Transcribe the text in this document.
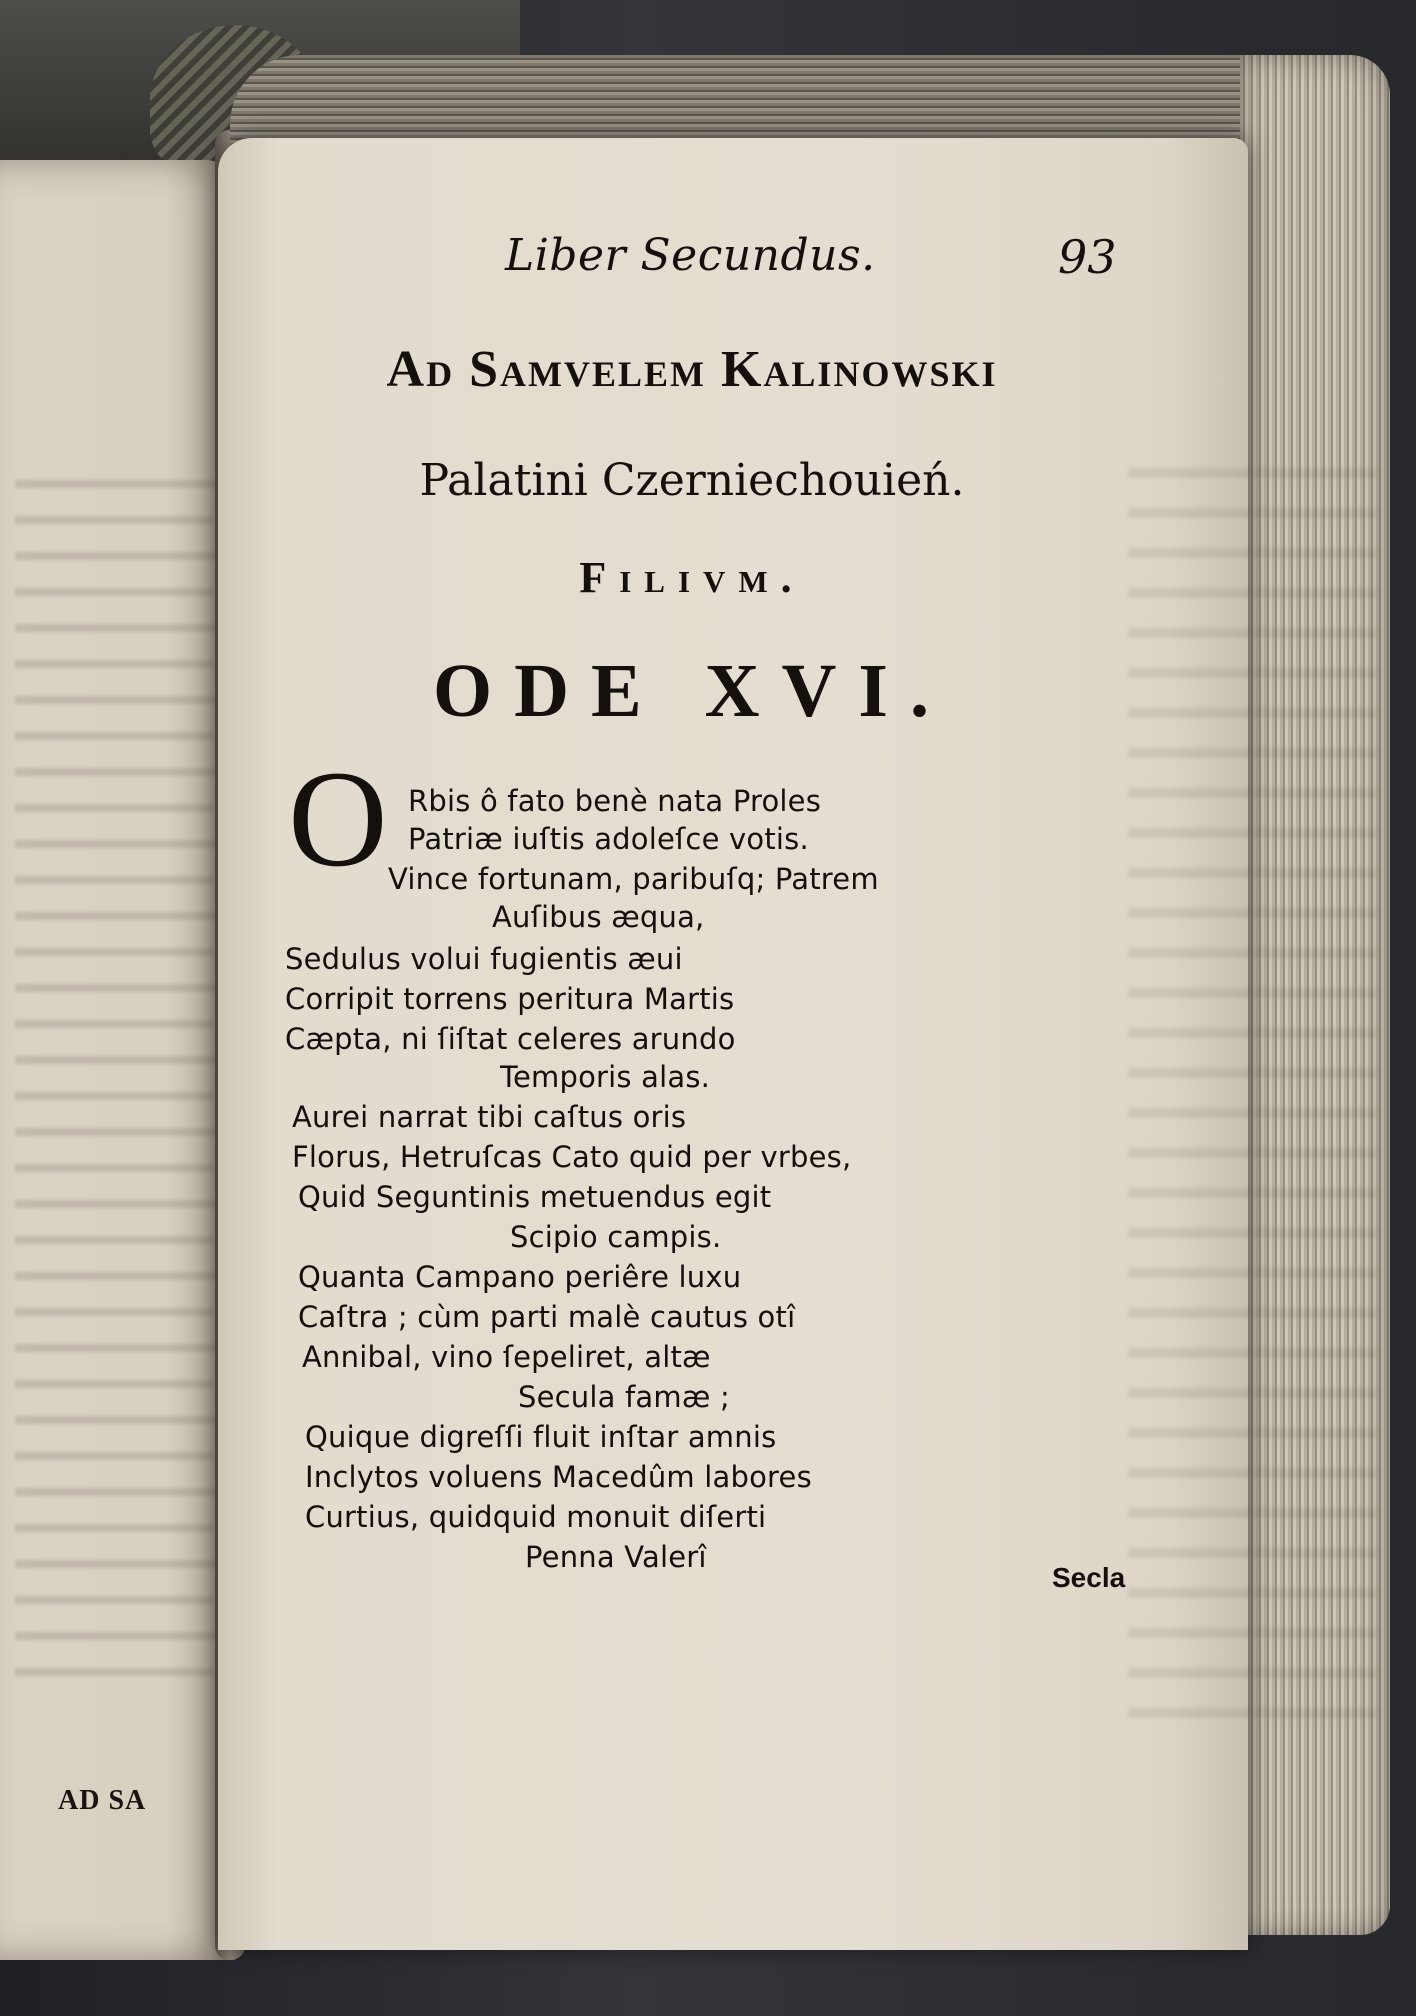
AD SA
Liber Secundus.	93
Ad Samvelem Kalinowski
Palatini Czerniechouień.
Filivm.
ODE XVI.
O Rbis ô fato benè nata Proles
Patriæ iuſtis adoleſce votis.
Vince fortunam, paribuſq; Patrem
Auſibus æqua,
Sedulus volui fugientis æui
Corripit torrens peritura Martis
Cæpta, ni ſiſtat celeres arundo
Temporis alas.
Aurei narrat tibi caſtus oris
Florus, Hetruſcas Cato quid per vrbes,
Quid Seguntinis metuendus egit
Scipio campis.
Quanta Campano periêre luxu
Caſtra ; cùm parti malè cautus otî
Annibal, vino ſepeliret, altæ
Secula famæ ;
Quique digreſſi fluit inſtar amnis
Inclytos voluens Macedûm labores
Curtius, quidquid monuit diſerti
Penna Valerî
Secla
